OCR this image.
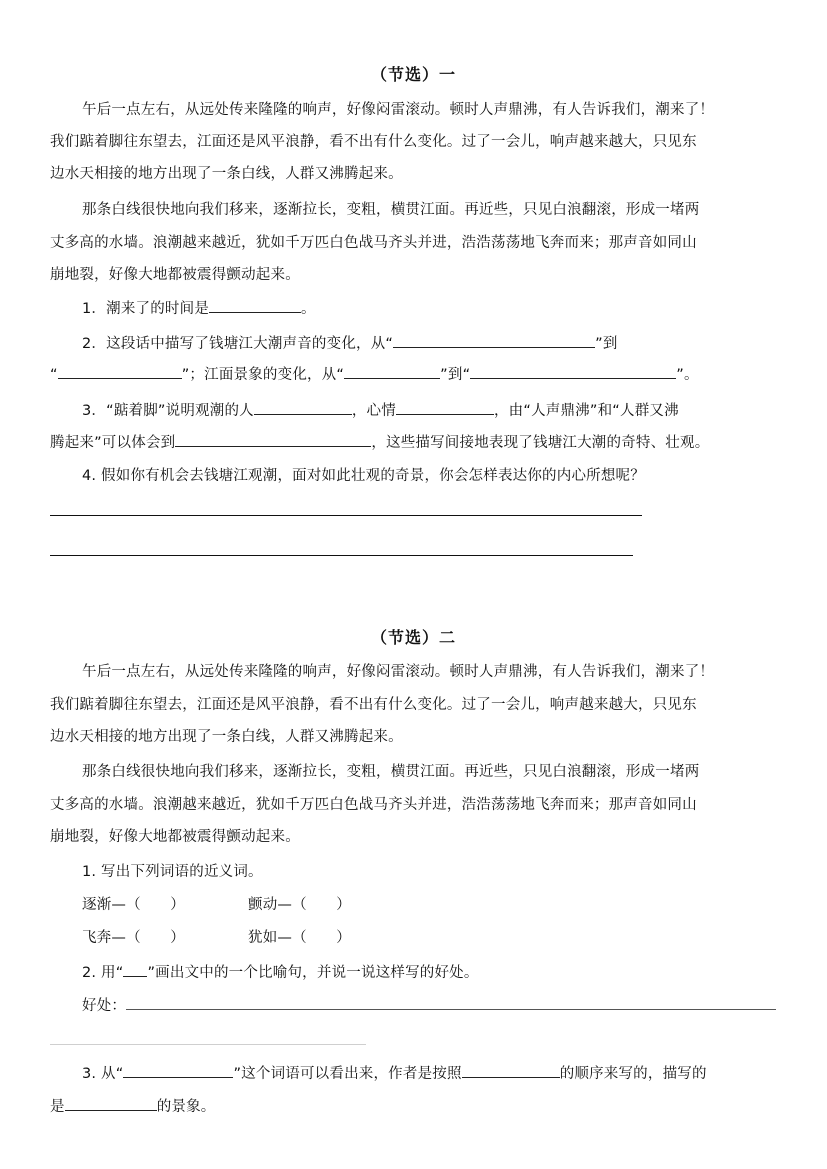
（节选）一
午后一点左右，从远处传来隆隆的响声，好像闷雷滚动。顿时人声鼎沸，有人告诉我们，潮来了！
我们踮着脚往东望去，江面还是风平浪静，看不出有什么变化。过了一会儿，响声越来越大，只见东
边水天相接的地方出现了一条白线，人群又沸腾起来。
那条白线很快地向我们移来，逐渐拉长，变粗，横贯江面。再近些，只见白浪翻滚，形成一堵两
丈多高的水墙。浪潮越来越近，犹如千万匹白色战马齐头并进，浩浩荡荡地飞奔而来；那声音如同山
崩地裂，好像大地都被震得颤动起来。
1．潮来了的时间是	。
2．这段话中描写了钱塘江大潮声音的变化，从“	”到
“	”；江面景象的变化，从“	”到“	”。
3．“踮着脚”说明观潮的人	，心情	，由“人声鼎沸”和“人群又沸
腾起来”可以体会到	，这些描写间接地表现了钱塘江大潮的奇特、壮观。
4. 假如你有机会去钱塘江观潮，面对如此壮观的奇景，你会怎样表达你的内心所想呢？
（节选）二
午后一点左右，从远处传来隆隆的响声，好像闷雷滚动。顿时人声鼎沸，有人告诉我们，潮来了！
我们踮着脚往东望去，江面还是风平浪静，看不出有什么变化。过了一会儿，响声越来越大，只见东
边水天相接的地方出现了一条白线，人群又沸腾起来。
那条白线很快地向我们移来，逐渐拉长，变粗，横贯江面。再近些，只见白浪翻滚，形成一堵两
丈多高的水墙。浪潮越来越近，犹如千万匹白色战马齐头并进，浩浩荡荡地飞奔而来；那声音如同山
崩地裂，好像大地都被震得颤动起来。
1. 写出下列词语的近义词。
逐渐—（　　）	颤动—（　　）
飞奔—（　　）	犹如—（　　）
2. 用“ ”画出文中的一个比喻句，并说一说这样写的好处。
好处：
3. 从“	”这个词语可以看出来，作者是按照	的顺序来写的，描写的
是	的景象。
